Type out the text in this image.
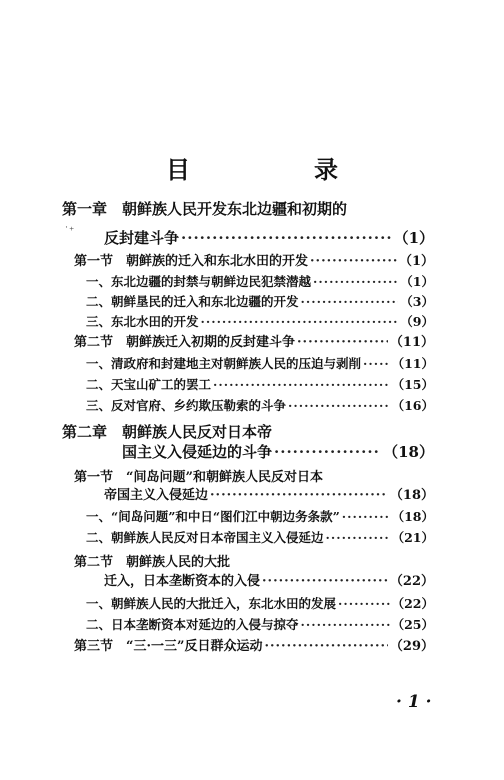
目　录
第一章　朝鲜族人民开发东北边疆和初期的
˙⁺ 反封建斗争 ·····	（1）
第一节　朝鲜族的迁入和东北水田的开发 ·····	（1）
一、东北边疆的封禁与朝鲜边民犯禁潜越 ·····	（1）
二、朝鲜垦民的迁入和东北边疆的开发 ·····	（3）
三、东北水田的开发 ·····	（9）
第二节　朝鲜族迁入初期的反封建斗争 ·····	（11）
一、清政府和封建地主对朝鲜族人民的压迫与剥削 ····· （11）
二、天宝山矿工的罢工 ·····	（15）
三、反对官府、乡约欺压勒索的斗争 ·····	（16）
第二章　朝鲜族人民反对日本帝
国主义入侵延边的斗争 ·····	（18）
第一节　“间岛问题”和朝鲜族人民反对日本
帝国主义入侵延边 ·····	（18）
一、“间岛问题”和中日“图们江中朝边务条款” ·····	（18）
二、朝鲜族人民反对日本帝国主义入侵延边 ·····	（21）
第二节　朝鲜族人民的大批
迁入，日本垄断资本的入侵 ·····	（22）
一、朝鲜族人民的大批迁入，东北水田的发展 ·····	（22）
二、日本垄断资本对延边的入侵与掠夺 ·····	（25）
第三节　“三·一三”反日群众运动 ·····	（29）
· 1 ·
